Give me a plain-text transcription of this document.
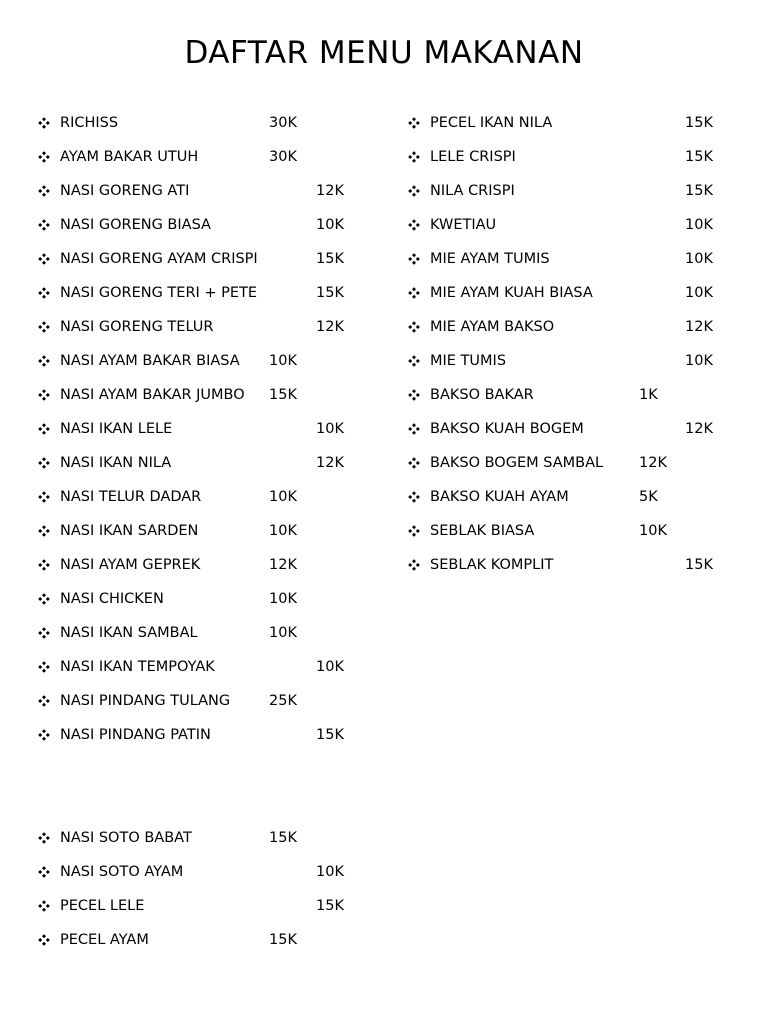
DAFTAR MENU MAKANAN
RICHISS	30K
AYAM BAKAR UTUH	30K
NASI GORENG ATI	12K
NASI GORENG BIASA	10K
NASI GORENG AYAM CRISPI	15K
NASI GORENG TERI + PETE	15K
NASI GORENG TELUR	12K
NASI AYAM BAKAR BIASA 10K
NASI AYAM BAKAR JUMBO 15K
NASI IKAN LELE	10K
NASI IKAN NILA	12K
NASI TELUR DADAR	10K
NASI IKAN SARDEN	10K
NASI AYAM GEPREK	12K
NASI CHICKEN	10K
NASI IKAN SAMBAL	10K
NASI IKAN TEMPOYAK	10K
NASI PINDANG TULANG	25K
NASI PINDANG PATIN	15K
NASI SOTO BABAT	15K
NASI SOTO AYAM	10K
PECEL LELE	15K
PECEL AYAM	15K
PECEL IKAN NILA	15K
LELE CRISPI	15K
NILA CRISPI	15K
KWETIAU	10K
MIE AYAM TUMIS	10K
MIE AYAM KUAH BIASA	10K
MIE AYAM BAKSO	12K
MIE TUMIS	10K
BAKSO BAKAR	1K
BAKSO KUAH BOGEM	12K
BAKSO BOGEM SAMBAL 12K
BAKSO KUAH AYAM	5K
SEBLAK BIASA	10K
SEBLAK KOMPLIT	15K
